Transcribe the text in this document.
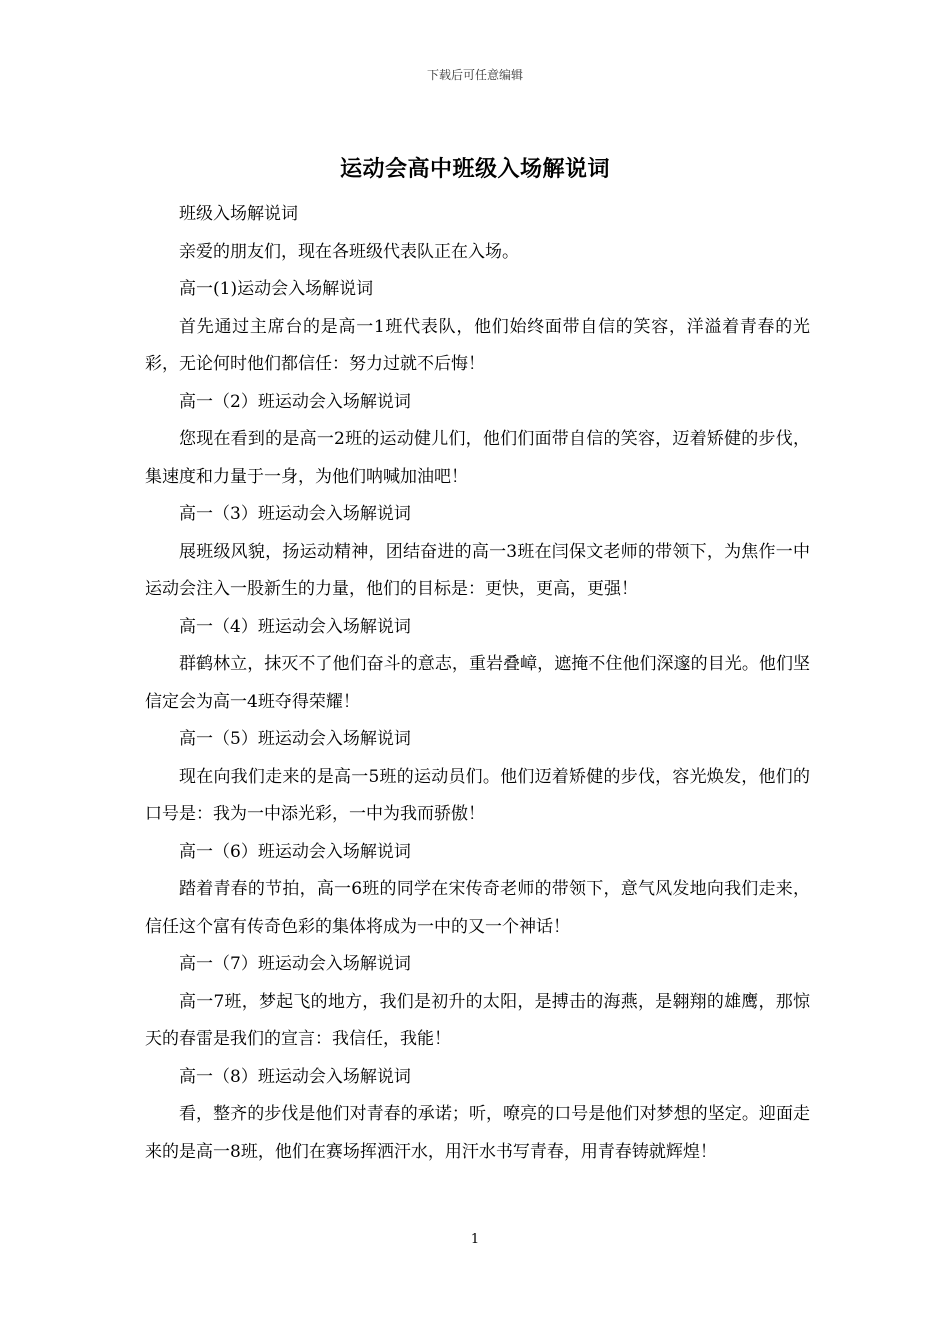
下载后可任意编辑
运动会高中班级入场解说词

班级入场解说词

亲爱的朋友们，现在各班级代表队正在入场。

高一(1)运动会入场解说词

首先通过主席台的是高一1班代表队，他们始终面带自信的笑容，洋溢着青春的光彩，无论何时他们都信任：努力过就不后悔！

高一（2）班运动会入场解说词

您现在看到的是高一2班的运动健儿们，他们们面带自信的笑容，迈着矫健的步伐，集速度和力量于一身，为他们呐喊加油吧！

高一（3）班运动会入场解说词

展班级风貌，扬运动精神，团结奋进的高一3班在闫保文老师的带领下，为焦作一中运动会注入一股新生的力量，他们的目标是：更快，更高，更强！

高一（4）班运动会入场解说词

群鹤林立，抹灭不了他们奋斗的意志，重岩叠嶂，遮掩不住他们深邃的目光。他们坚信定会为高一4班夺得荣耀！

高一（5）班运动会入场解说词

现在向我们走来的是高一5班的运动员们。他们迈着矫健的步伐，容光焕发，他们的口号是：我为一中添光彩，一中为我而骄傲！

高一（6）班运动会入场解说词

踏着青春的节拍，高一6班的同学在宋传奇老师的带领下，意气风发地向我们走来，信任这个富有传奇色彩的集体将成为一中的又一个神话！

高一（7）班运动会入场解说词

高一7班，梦起飞的地方，我们是初升的太阳，是搏击的海燕，是翱翔的雄鹰，那惊天的春雷是我们的宣言：我信任，我能！

高一（8）班运动会入场解说词

看，整齐的步伐是他们对青春的承诺；听，嘹亮的口号是他们对梦想的坚定。迎面走来的是高一8班，他们在赛场挥洒汗水，用汗水书写青春，用青春铸就辉煌！

1
